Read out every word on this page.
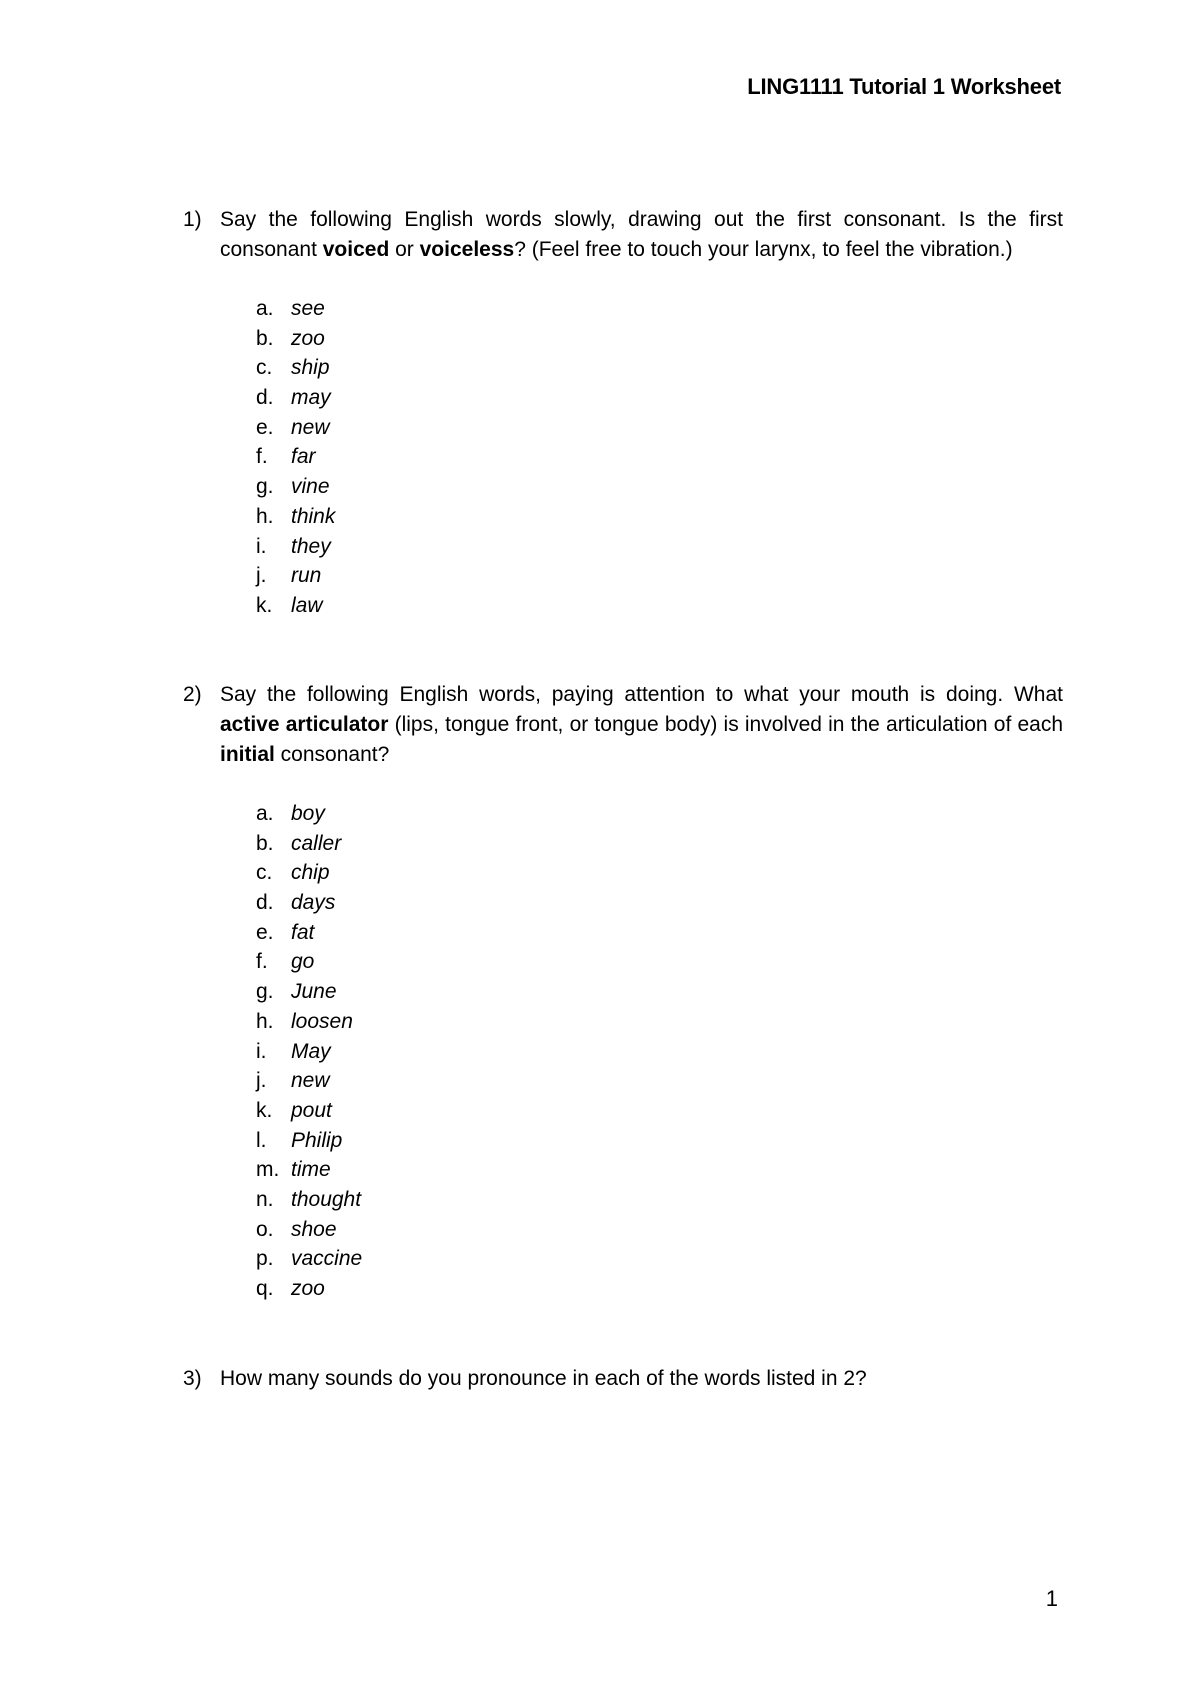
LING1111 Tutorial 1 Worksheet
1) Say the following English words slowly, drawing out the first consonant. Is the first consonant voiced or voiceless? (Feel free to touch your larynx, to feel the vibration.)
a. see
b. zoo
c. ship
d. may
e. new
f. far
g. vine
h. think
i. they
j. run
k. law
2) Say the following English words, paying attention to what your mouth is doing. What active articulator (lips, tongue front, or tongue body) is involved in the articulation of each initial consonant?
a. boy
b. caller
c. chip
d. days
e. fat
f. go
g. June
h. loosen
i. May
j. new
k. pout
l. Philip
m. time
n. thought
o. shoe
p. vaccine
q. zoo
3) How many sounds do you pronounce in each of the words listed in 2?
1
